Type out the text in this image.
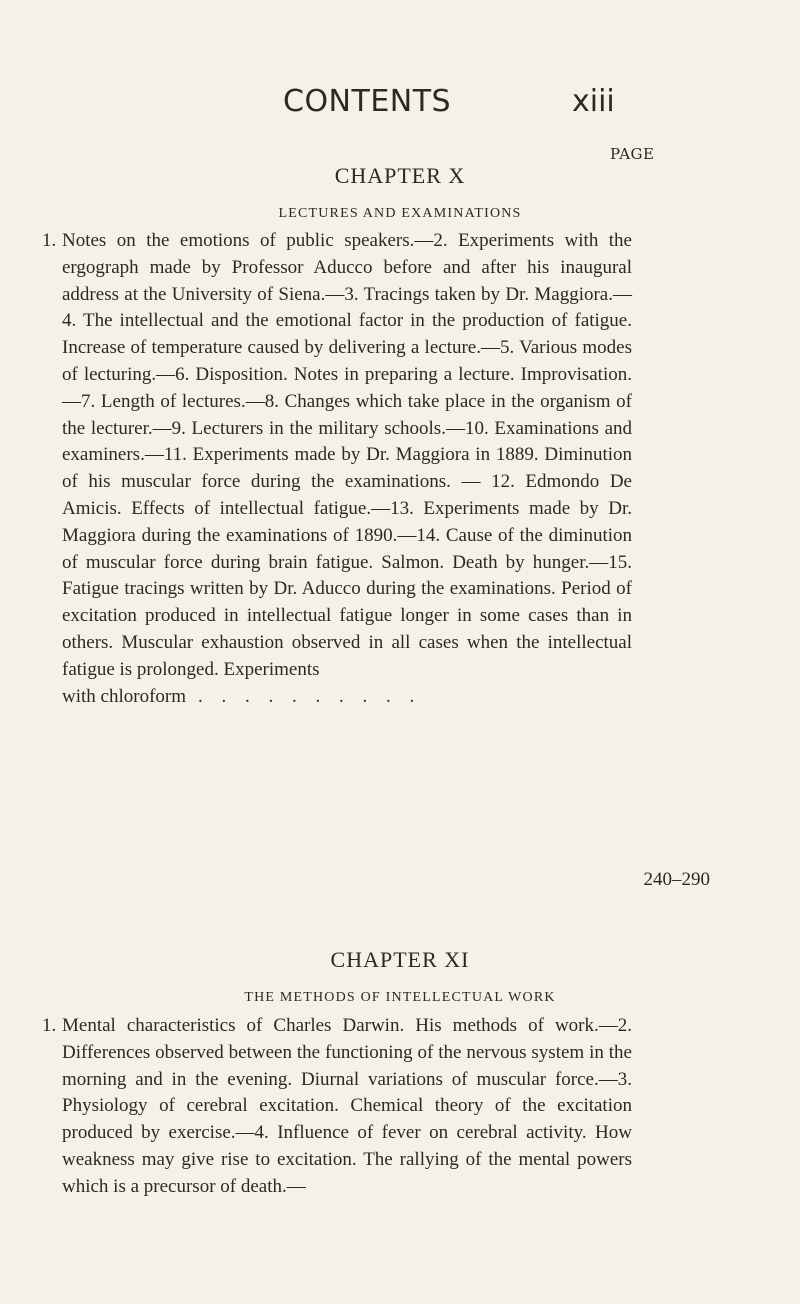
CONTENTS	xiii
PAGE
CHAPTER X
LECTURES AND EXAMINATIONS
1. Notes on the emotions of public speakers.—2. Experiments with the ergograph made by Professor Aducco before and after his inaugural address at the University of Siena.—3. Tracings taken by Dr. Maggiora.—4. The intellectual and the emotional factor in the production of fatigue. Increase of temperature caused by delivering a lecture.—5. Various modes of lecturing.—6. Disposition. Notes in preparing a lecture. Improvisation.—7. Length of lectures.—8. Changes which take place in the organism of the lecturer.—9. Lecturers in the military schools.—10. Examinations and examiners.—11. Experiments made by Dr. Maggiora in 1889. Diminution of his muscular force during the examinations. — 12. Edmondo De Amicis. Effects of intellectual fatigue.—13. Experiments made by Dr. Maggiora during the examinations of 1890.—14. Cause of the diminution of muscular force during brain fatigue. Salmon. Death by hunger.—15. Fatigue tracings written by Dr. Aducco during the examinations. Period of excitation produced in intellectual fatigue longer in some cases than in others. Muscular exhaustion observed in all cases when the intellectual fatigue is prolonged. Experiments
with chloroform . . . . . . . . . .
240–290
CHAPTER XI
THE METHODS OF INTELLECTUAL WORK
1. Mental characteristics of Charles Darwin. His methods of work.—2. Differences observed between the functioning of the nervous system in the morning and in the evening. Diurnal variations of muscular force.—3. Physiology of cerebral excitation. Chemical theory of the excitation produced by exercise.—4. Influence of fever on cerebral activity. How weakness may give rise to excitation. The rallying of the mental powers which is a precursor of death.—
